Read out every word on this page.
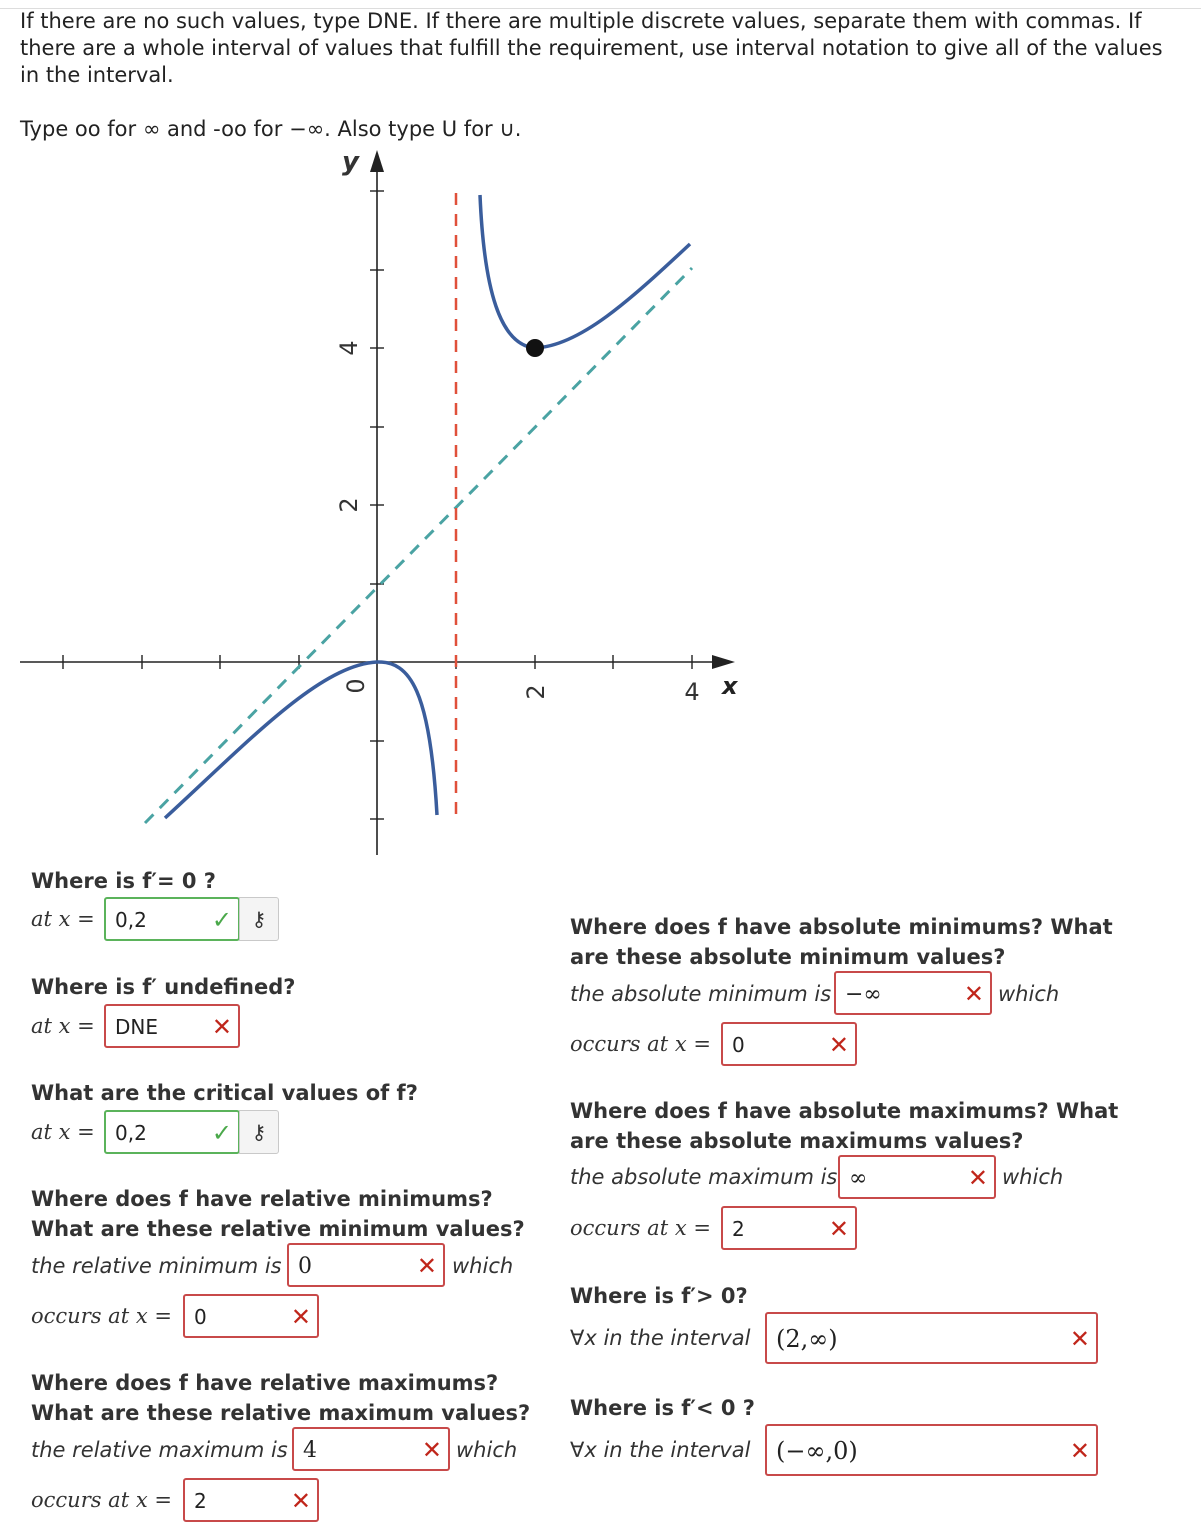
If there are no such values, type DNE. If there are multiple discrete values, separate them with commas. If there are a whole interval of values that fulfill the requirement, use interval notation to give all of the values in the interval.
Type oo for ∞ and -oo for −∞. Also type U for ∪.
4
2
0	2	4 x
y
Where is f′= 0 ?
at x =	0,2	✓ ⚷
Where is f′ undefined?
at x =	DNE ✕
What are the critical values of f?
at x =	0,2	✓ ⚷
Where does f have relative minimums? What are these relative minimum values?
the relative minimum is 0	✕ which
occurs at x =	0	✕
Where does f have relative maximums? What are these relative maximum values?
the relative maximum is 4	✕ which
occurs at x =	2	✕
Where does f have absolute minimums? What are these absolute minimum values?
the absolute minimum is −∞	✕ which
occurs at x =	0	✕
Where does f have absolute maximums? What are these absolute maximums values?
the absolute maximum is ∞	✕ which
occurs at x =	2	✕
Where is f′> 0?
∀x in the interval	(2,∞)	✕
Where is f′< 0 ?
∀x in the interval	(−∞,0)	✕
